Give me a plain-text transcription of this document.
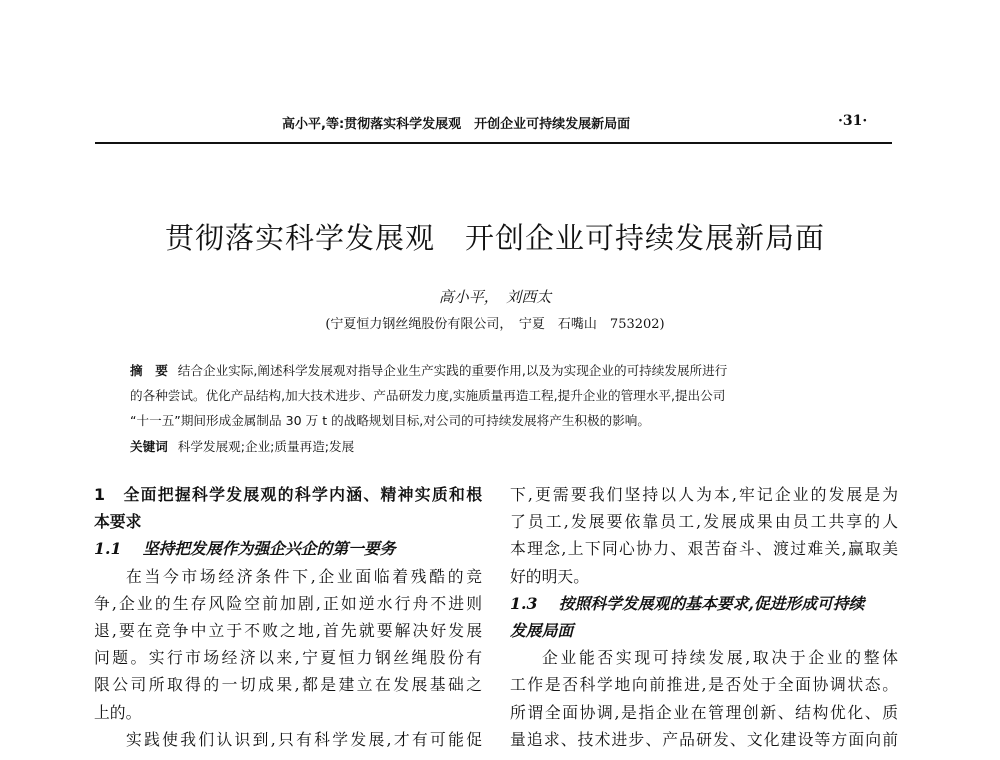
高小平,等:贯彻落实科学发展观　开创企业可持续发展新局面	·31·
贯彻落实科学发展观　开创企业可持续发展新局面
高小平，　刘西太
(宁夏恒力钢丝绳股份有限公司，　宁夏　石嘴山　753202)
摘　要 结合企业实际,阐述科学发展观对指导企业生产实践的重要作用,以及为实现企业的可持续发展所进行
的各种尝试。优化产品结构,加大技术进步、产品研发力度,实施质量再造工程,提升企业的管理水平,提出公司
“十一五”期间形成金属制品 30 万 t 的战略规划目标,对公司的可持续发展将产生积极的影响。
关键词 科学发展观;企业;质量再造;发展
1　全面把握科学发展观的科学内涵、精神实质和根
本要求
1.1　 坚持把发展作为强企兴企的第一要务
在当今市场经济条件下,企业面临着残酷的竞
争,企业的生存风险空前加剧,正如逆水行舟不进则
退,要在竞争中立于不败之地,首先就要解决好发展
问题。实行市场经济以来,宁夏恒力钢丝绳股份有
限公司所取得的一切成果,都是建立在发展基础之
上的。
实践使我们认识到,只有科学发展,才有可能促
下,更需要我们坚持以人为本,牢记企业的发展是为
了员工,发展要依靠员工,发展成果由员工共享的人
本理念,上下同心协力、艰苦奋斗、渡过难关,赢取美
好的明天。
1.3　 按照科学发展观的基本要求,促进形成可持续
发展局面
企业能否实现可持续发展,取决于企业的整体
工作是否科学地向前推进,是否处于全面协调状态。
所谓全面协调,是指企业在管理创新、结构优化、质
量追求、技术进步、产品研发、文化建设等方面向前
